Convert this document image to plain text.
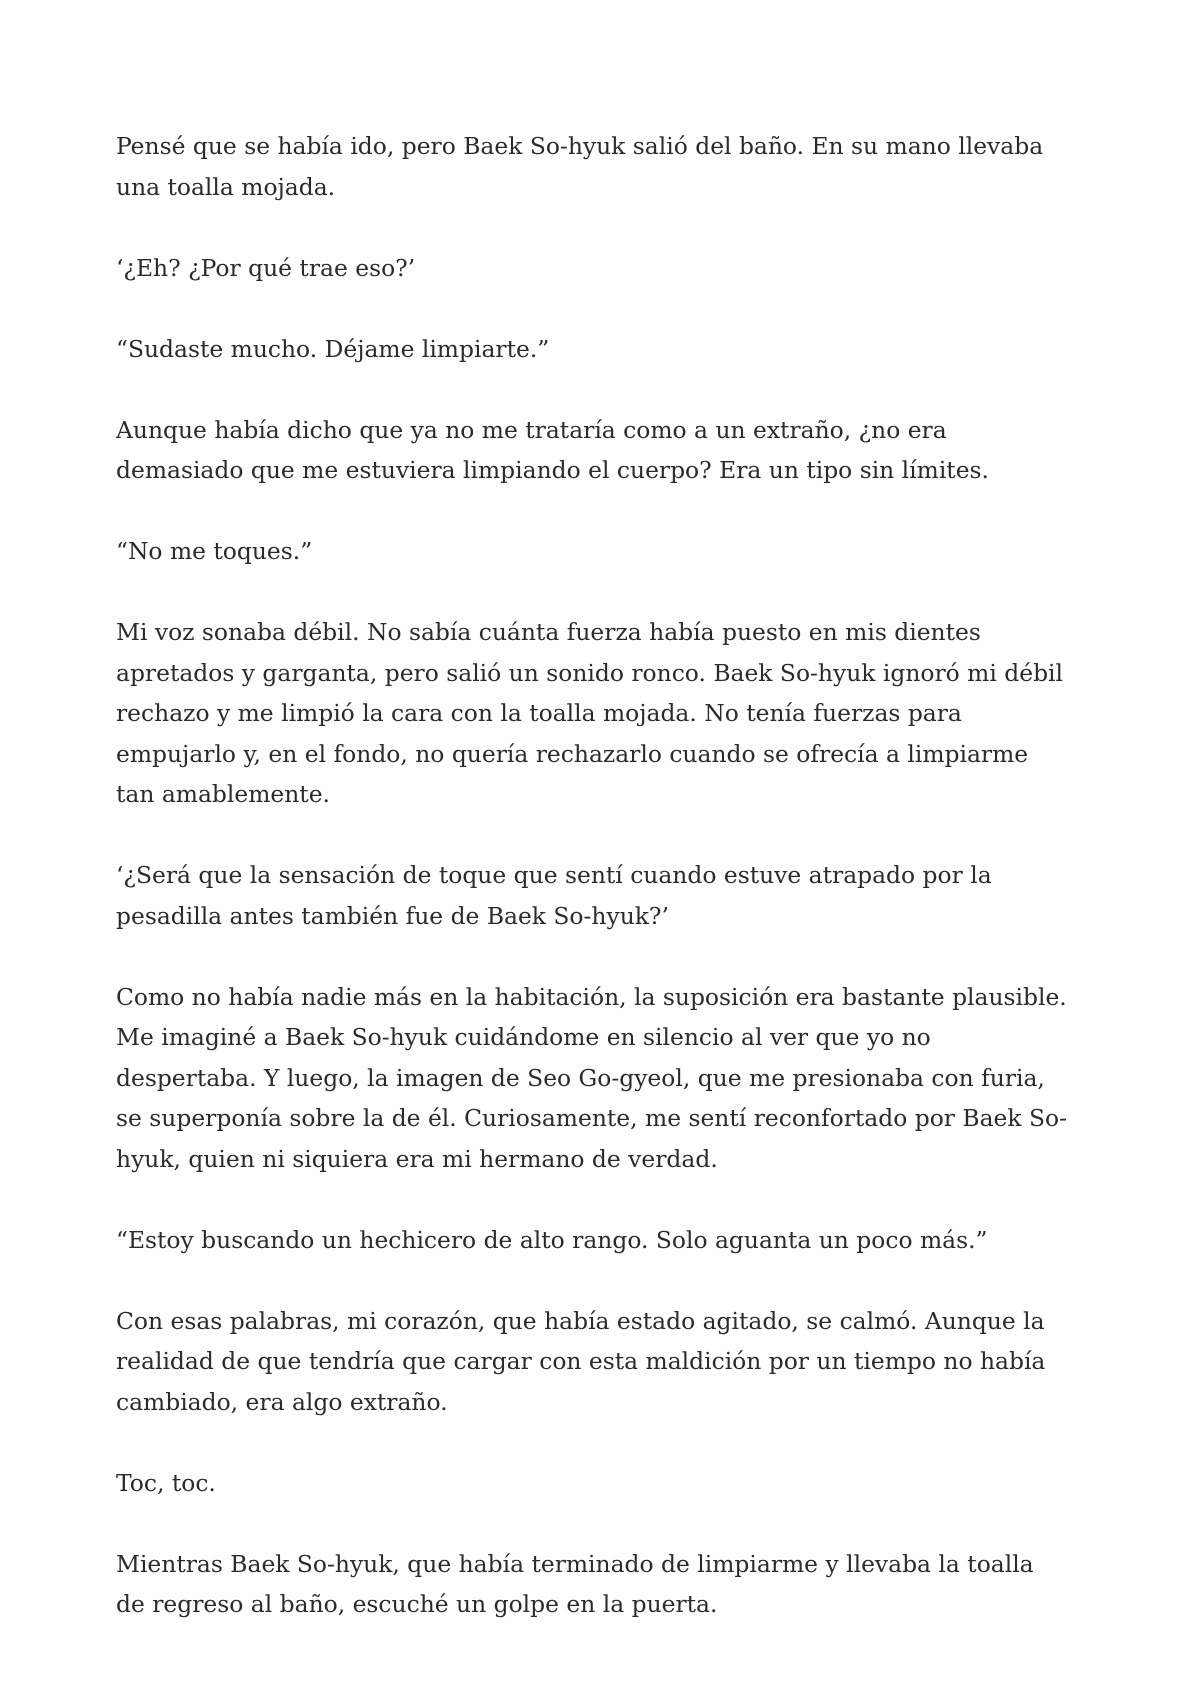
Pensé que se había ido, pero Baek So-hyuk salió del baño. En su mano llevaba una toalla mojada.

‘¿Eh? ¿Por qué trae eso?’

“Sudaste mucho. Déjame limpiarte.”

Aunque había dicho que ya no me trataría como a un extraño, ¿no era demasiado que me estuviera limpiando el cuerpo? Era un tipo sin límites.

“No me toques.”

Mi voz sonaba débil. No sabía cuánta fuerza había puesto en mis dientes apretados y garganta, pero salió un sonido ronco. Baek So-hyuk ignoró mi débil rechazo y me limpió la cara con la toalla mojada. No tenía fuerzas para empujarlo y, en el fondo, no quería rechazarlo cuando se ofrecía a limpiarme tan amablemente.

‘¿Será que la sensación de toque que sentí cuando estuve atrapado por la pesadilla antes también fue de Baek So-hyuk?’

Como no había nadie más en la habitación, la suposición era bastante plausible. Me imaginé a Baek So-hyuk cuidándome en silencio al ver que yo no despertaba. Y luego, la imagen de Seo Go-gyeol, que me presionaba con furia, se superponía sobre la de él. Curiosamente, me sentí reconfortado por Baek So-hyuk, quien ni siquiera era mi hermano de verdad.

“Estoy buscando un hechicero de alto rango. Solo aguanta un poco más.”

Con esas palabras, mi corazón, que había estado agitado, se calmó. Aunque la realidad de que tendría que cargar con esta maldición por un tiempo no había cambiado, era algo extraño.

Toc, toc.

Mientras Baek So-hyuk, que había terminado de limpiarme y llevaba la toalla de regreso al baño, escuché un golpe en la puerta.
